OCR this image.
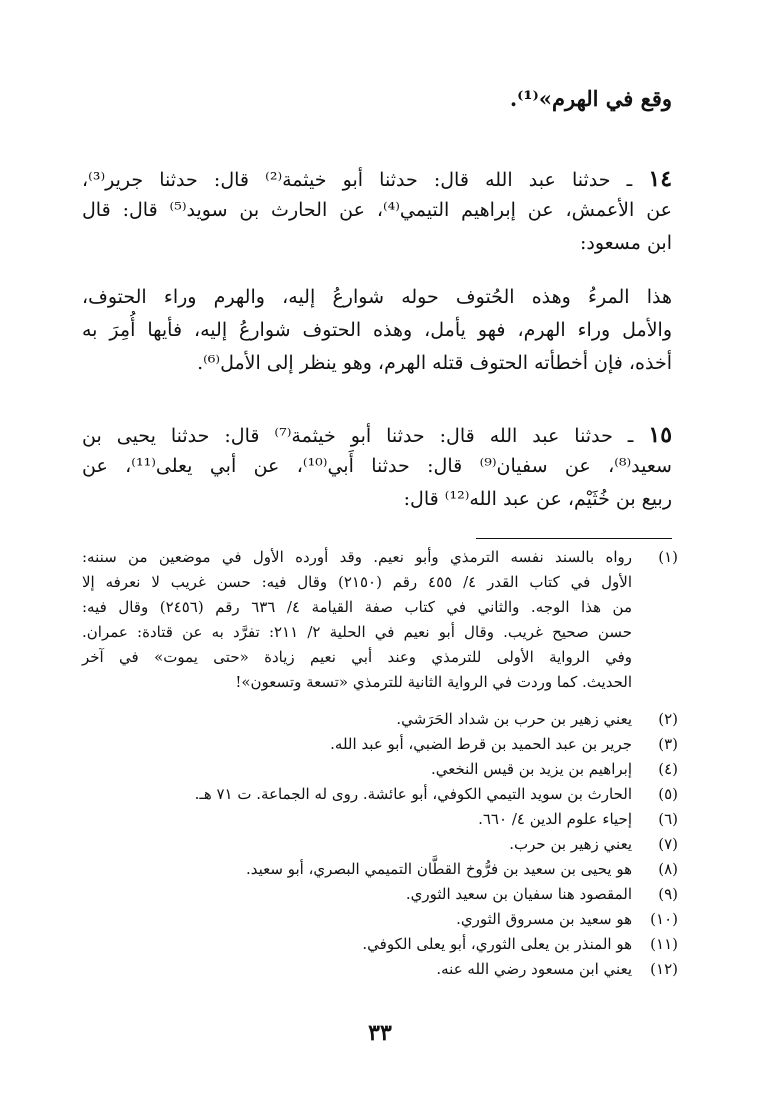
وقع في الهرم»⁽¹⁾.
١٤ ـ حدثنا عبد الله قال: حدثنا أبو خيثمة⁽²⁾ قال: حدثنا جرير⁽³⁾،
عن الأعمش، عن إبراهيم التيمي⁽⁴⁾، عن الحارث بن سويد⁽⁵⁾ قال: قال
ابن مسعود:
هذا المرءُ وهذه الحُتوف حوله شوارعُ إليه، والهرم وراء الحتوف،
والأمل وراء الهرم، فهو يأمل، وهذه الحتوف شوارعُ إليه، فأيها أُمِرَ به
أخذه، فإن أخطأته الحتوف قتله الهرم، وهو ينظر إلى الأمل⁽⁶⁾.
١٥ ـ حدثنا عبد الله قال: حدثنا أبو خيثمة⁽⁷⁾ قال: حدثنا يحيى بن
سعيد⁽⁸⁾، عن سفيان⁽⁹⁾ قال: حدثنا أَبي⁽¹⁰⁾، عن أبي يعلى⁽¹¹⁾، عن
ربيع بن خُثَيْم، عن عبد الله⁽¹²⁾ قال:
(١)
رواه بالسند نفسه الترمذي وأبو نعيم. وقد أورده الأول في موضعين من سننه:
الأول في كتاب القدر ٤/ ٤٥٥ رقم (٢١٥٠) وقال فيه: حسن غريب لا نعرفه إلا
من هذا الوجه. والثاني في كتاب صفة القيامة ٤/ ٦٣٦ رقم (٢٤٥٦) وقال فيه:
حسن صحيح غريب. وقال أبو نعيم في الحلية ٢/ ٢١١: تفرَّد به عن قتادة: عمران.
وفي الرواية الأولى للترمذي وعند أبي نعيم زيادة «حتى يموت» في آخر
الحديث. كما وردت في الرواية الثانية للترمذي «تسعة وتسعون»!
(٢)
يعني زهير بن حرب بن شداد الحَرَشي.
(٣)
جرير بن عبد الحميد بن قرط الضبي، أبو عبد الله.
(٤)
إبراهيم بن يزيد بن قيس النخعي.
(٥)
الحارث بن سويد التيمي الكوفي، أبو عائشة. روى له الجماعة. ت ٧١ هـ.
(٦)
إحياء علوم الدين ٤/ ٦٦٠.
(٧)
يعني زهير بن حرب.
(٨)
هو يحيى بن سعيد بن فرُّوخ القطَّان التميمي البصري، أبو سعيد.
(٩)
المقصود هنا سفيان بن سعيد الثوري.
(١٠)
هو سعيد بن مسروق الثوري.
(١١)
هو المنذر بن يعلى الثوري، أبو يعلى الكوفي.
(١٢)
يعني ابن مسعود رضي الله عنه.
٣٣
